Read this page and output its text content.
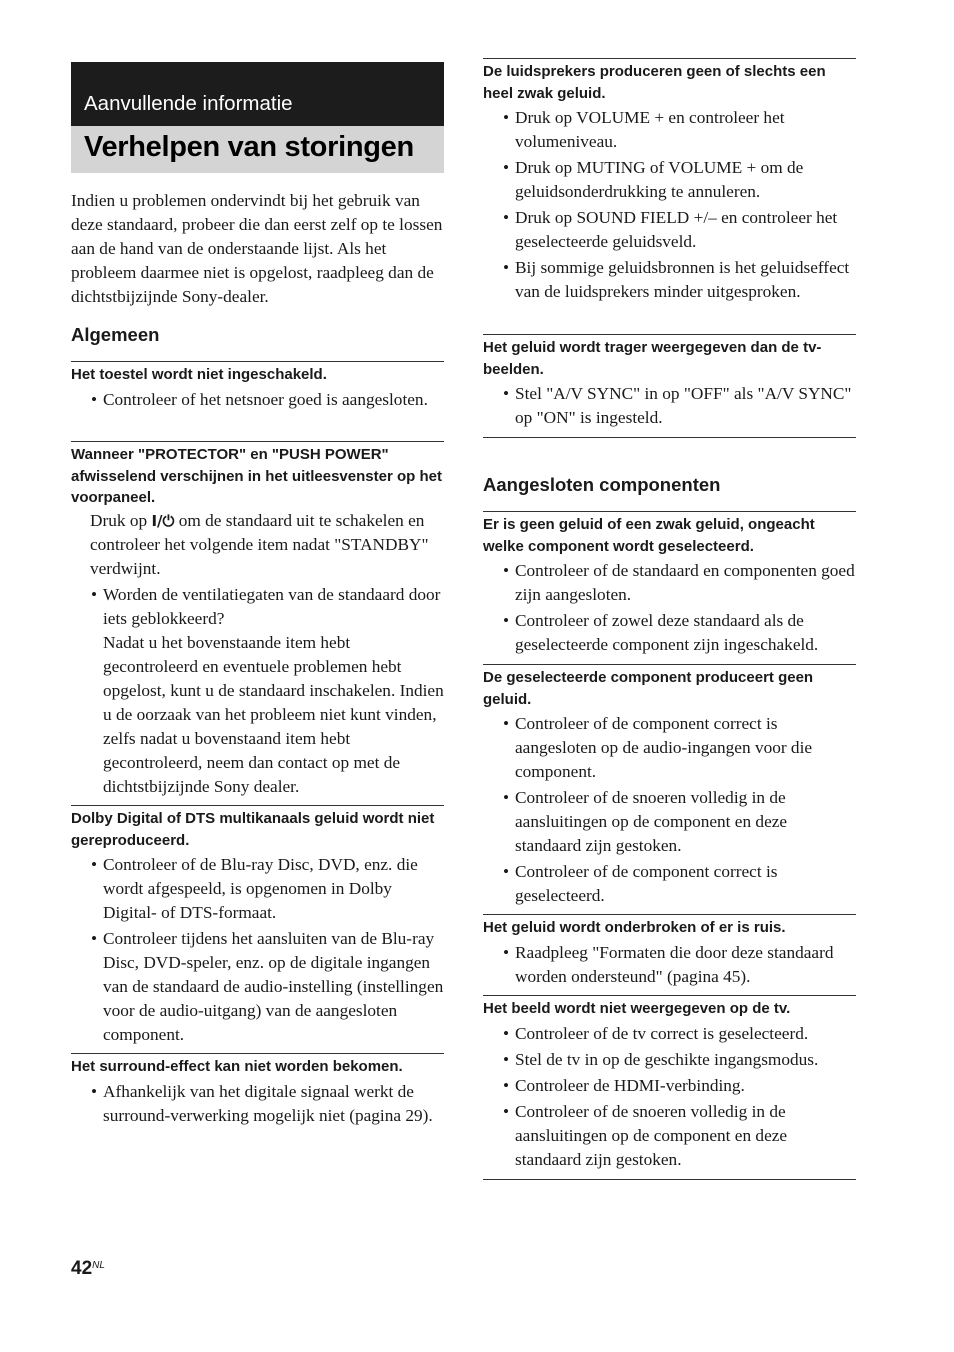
Aanvullende informatie
Verhelpen van storingen

Indien u problemen ondervindt bij het gebruik van deze standaard, probeer die dan eerst zelf op te lossen aan de hand van de onderstaande lijst. Als het probleem daarmee niet is opgelost, raadpleeg dan de dichtstbijzijnde Sony-dealer.

Algemeen

Het toestel wordt niet ingeschakeld.

• Controleer of het netsnoer goed is aangesloten.

Wanneer "PROTECTOR" en "PUSH POWER" afwisselend verschijnen in het uitleesvenster op het voorpaneel.

Druk op I/⏻ om de standaard uit te schakelen en controleer het volgende item nadat "STANDBY" verdwijnt.

• Worden de ventilatiegaten van de standaard door iets geblokkeerd?
Nadat u het bovenstaande item hebt gecontroleerd en eventuele problemen hebt opgelost, kunt u de standaard inschakelen. Indien u de oorzaak van het probleem niet kunt vinden, zelfs nadat u bovenstaand item hebt gecontroleerd, neem dan contact op met de dichtstbijzijnde Sony dealer.

Dolby Digital of DTS multikanaals geluid wordt niet gereproduceerd.

• Controleer of de Blu-ray Disc, DVD, enz. die wordt afgespeeld, is opgenomen in Dolby Digital- of DTS-formaat.
• Controleer tijdens het aansluiten van de Blu-ray Disc, DVD-speler, enz. op de digitale ingangen van de standaard de audio-instelling (instellingen voor de audio-uitgang) van de aangesloten component.

Het surround-effect kan niet worden bekomen.

• Afhankelijk van het digitale signaal werkt de surround-verwerking mogelijk niet (pagina 29).

De luidsprekers produceren geen of slechts een heel zwak geluid.

• Druk op VOLUME + en controleer het volumeniveau.
• Druk op MUTING of VOLUME + om de geluidsonderdrukking te annuleren.
• Druk op SOUND FIELD +/– en controleer het geselecteerde geluidsveld.
• Bij sommige geluidsbronnen is het geluidseffect van de luidsprekers minder uitgesproken.

Het geluid wordt trager weergegeven dan de tv-beelden.

• Stel "A/V SYNC" in op "OFF" als "A/V SYNC" op "ON" is ingesteld.
Aangesloten componenten

Er is geen geluid of een zwak geluid, ongeacht welke component wordt geselecteerd.

• Controleer of de standaard en componenten goed zijn aangesloten.
• Controleer of zowel deze standaard als de geselecteerde component zijn ingeschakeld.

De geselecteerde component produceert geen geluid.

• Controleer of de component correct is aangesloten op de audio-ingangen voor die component.
• Controleer of de snoeren volledig in de aansluitingen op de component en deze standaard zijn gestoken.
• Controleer of de component correct is geselecteerd.

Het geluid wordt onderbroken of er is ruis.

• Raadpleeg "Formaten die door deze standaard worden ondersteund" (pagina 45).

Het beeld wordt niet weergegeven op de tv.

• Controleer of de tv correct is geselecteerd.
• Stel de tv in op de geschikte ingangsmodus.
• Controleer de HDMI-verbinding.
• Controleer of de snoeren volledig in de aansluitingen op de component en deze standaard zijn gestoken.
$42^{NL}$
